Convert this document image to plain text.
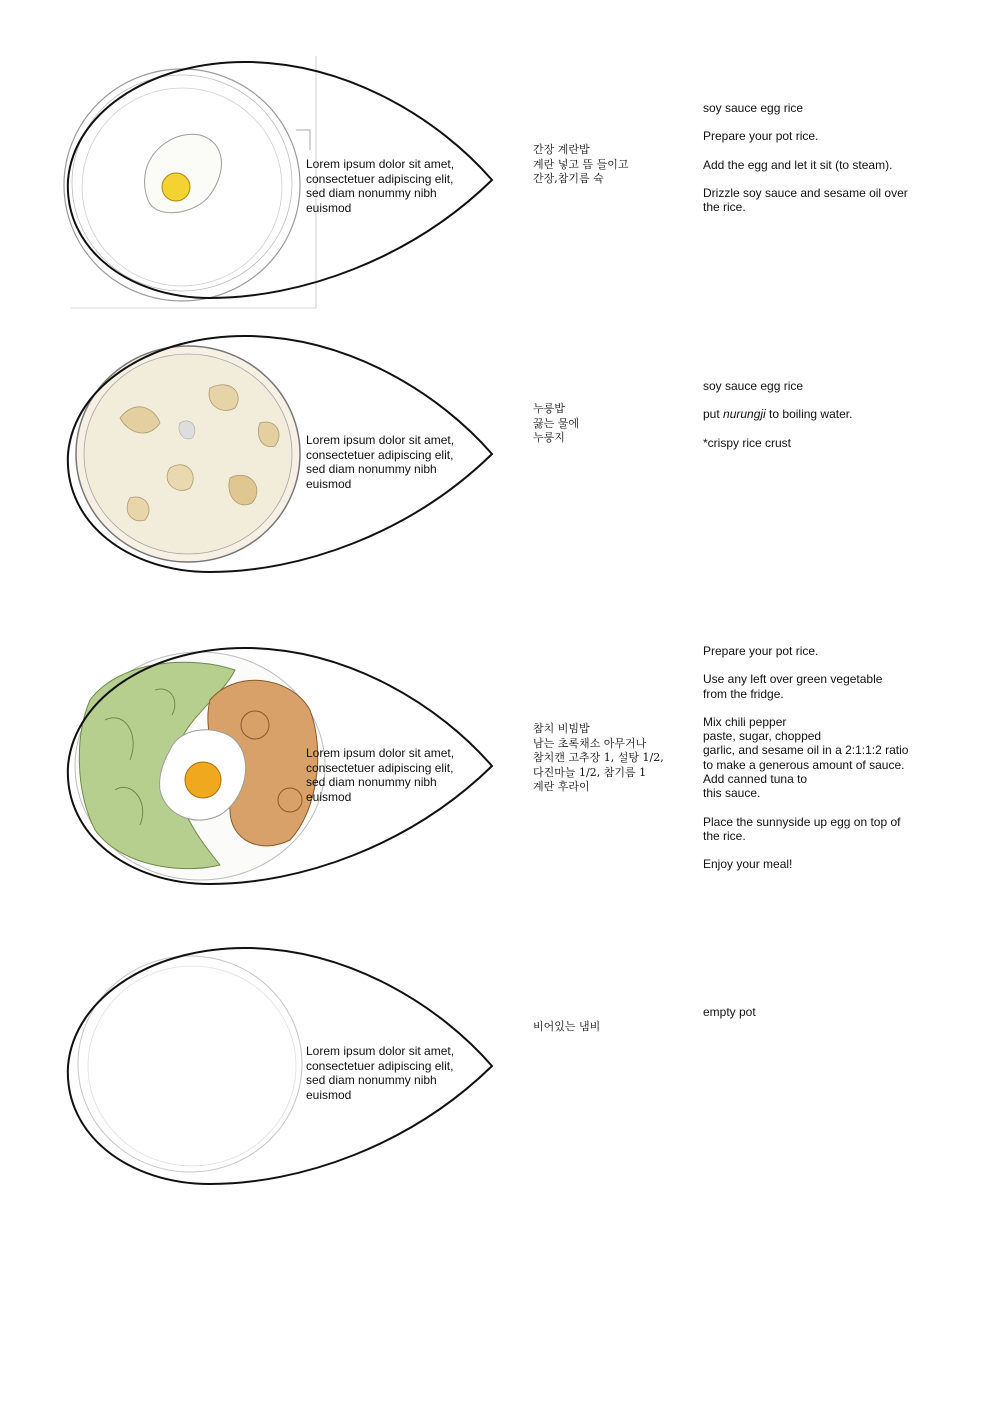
Lorem ipsum dolor sit amet,
consectetuer adipiscing elit,
sed diam nonummy nibh
euismod
간장 계란밥
계란 넣고 뜸 들이고
간장,참기름 슉

soy sauce egg rice

Prepare your pot rice.

Add the egg and let it sit (to steam).

Drizzle soy sauce and sesame oil over
the rice.

Lorem ipsum dolor sit amet,
consectetuer adipiscing elit,
sed diam nonummy nibh
euismod
누룽밥
끓는 물에
누룽지

soy sauce egg rice

put nurungji to boiling water.

*crispy rice crust

Lorem ipsum dolor sit amet,
consectetuer adipiscing elit,
sed diam nonummy nibh
euismod
참치 비빔밥
남는 초록채소 아무거나
참치캔 고추장 1, 설탕 1/2,
다진마늘 1/2, 참기름 1
계란 후라이

Prepare your pot rice.

Use any left over green vegetable
from the fridge.

Mix chili pepper
paste, sugar, chopped
garlic, and sesame oil in a 2:1:1:2 ratio
to make a generous amount of sauce.
Add canned tuna to
this sauce.

Place the sunnyside up egg on top of
the rice.

Enjoy your meal!

Lorem ipsum dolor sit amet,
consectetuer adipiscing elit,
sed diam nonummy nibh
euismod
비어있는 냄비

empty pot
